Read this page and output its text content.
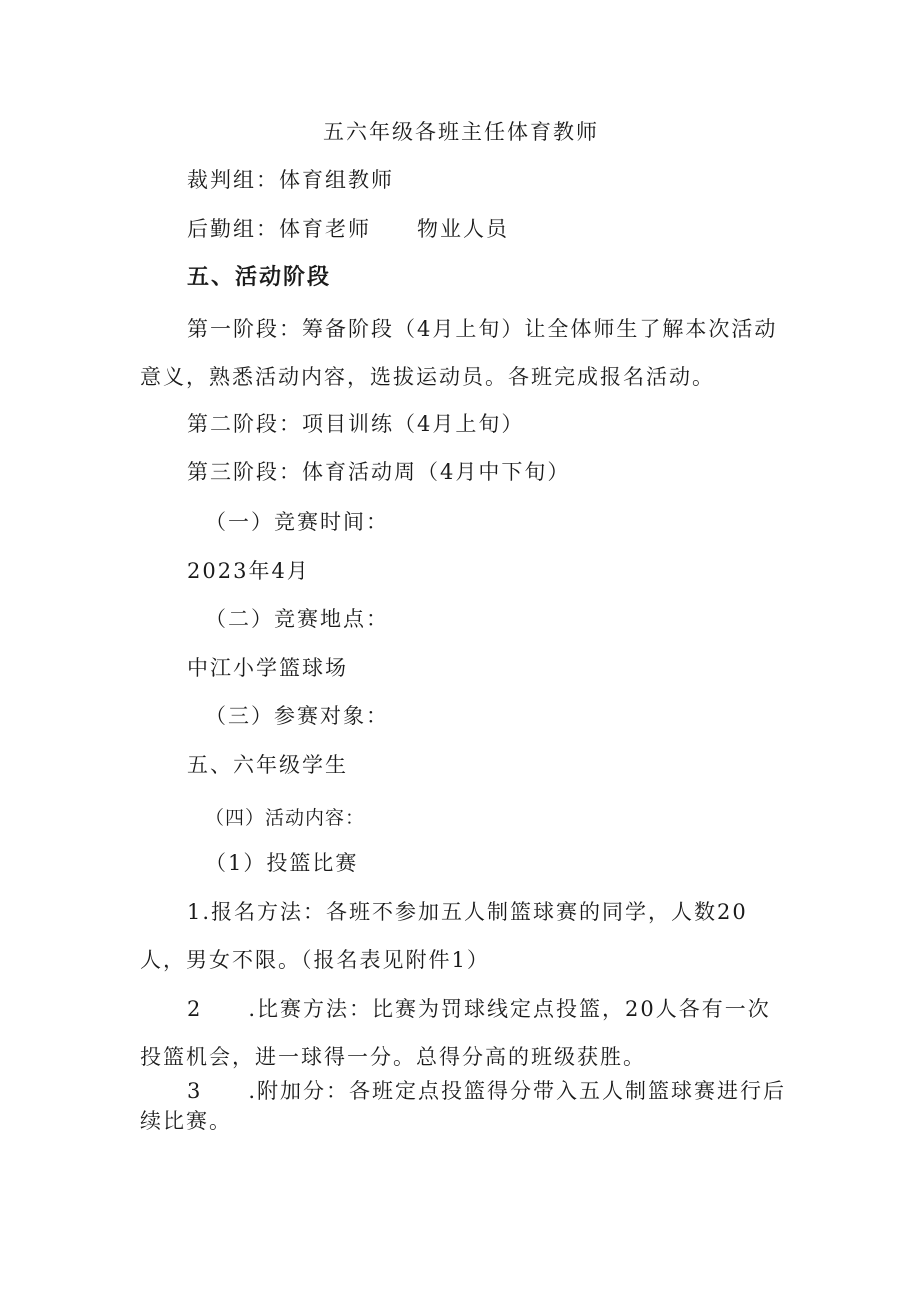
五六年级各班主任体育教师
裁判组：体育组教师
后勤组：体育老师　　物业人员
五、活动阶段
第一阶段：筹备阶段（4月上旬）让全体师生了解本次活动
意义，熟悉活动内容，选拔运动员。各班完成报名活动。
第二阶段：项目训练（4月上旬）
第三阶段：体育活动周（4月中下旬）
（一）竞赛时间：
2023年4月
（二）竞赛地点：
中江小学篮球场
（三）参赛对象：
五、六年级学生
（四）活动内容：
（1）投篮比赛
1.报名方法：各班不参加五人制篮球赛的同学，人数20
人，男女不限。（报名表见附件1）
2　　.比赛方法：比赛为罚球线定点投篮，20人各有一次
投篮机会，进一球得一分。总得分高的班级获胜。
3　　.附加分：各班定点投篮得分带入五人制篮球赛进行后
续比赛。
